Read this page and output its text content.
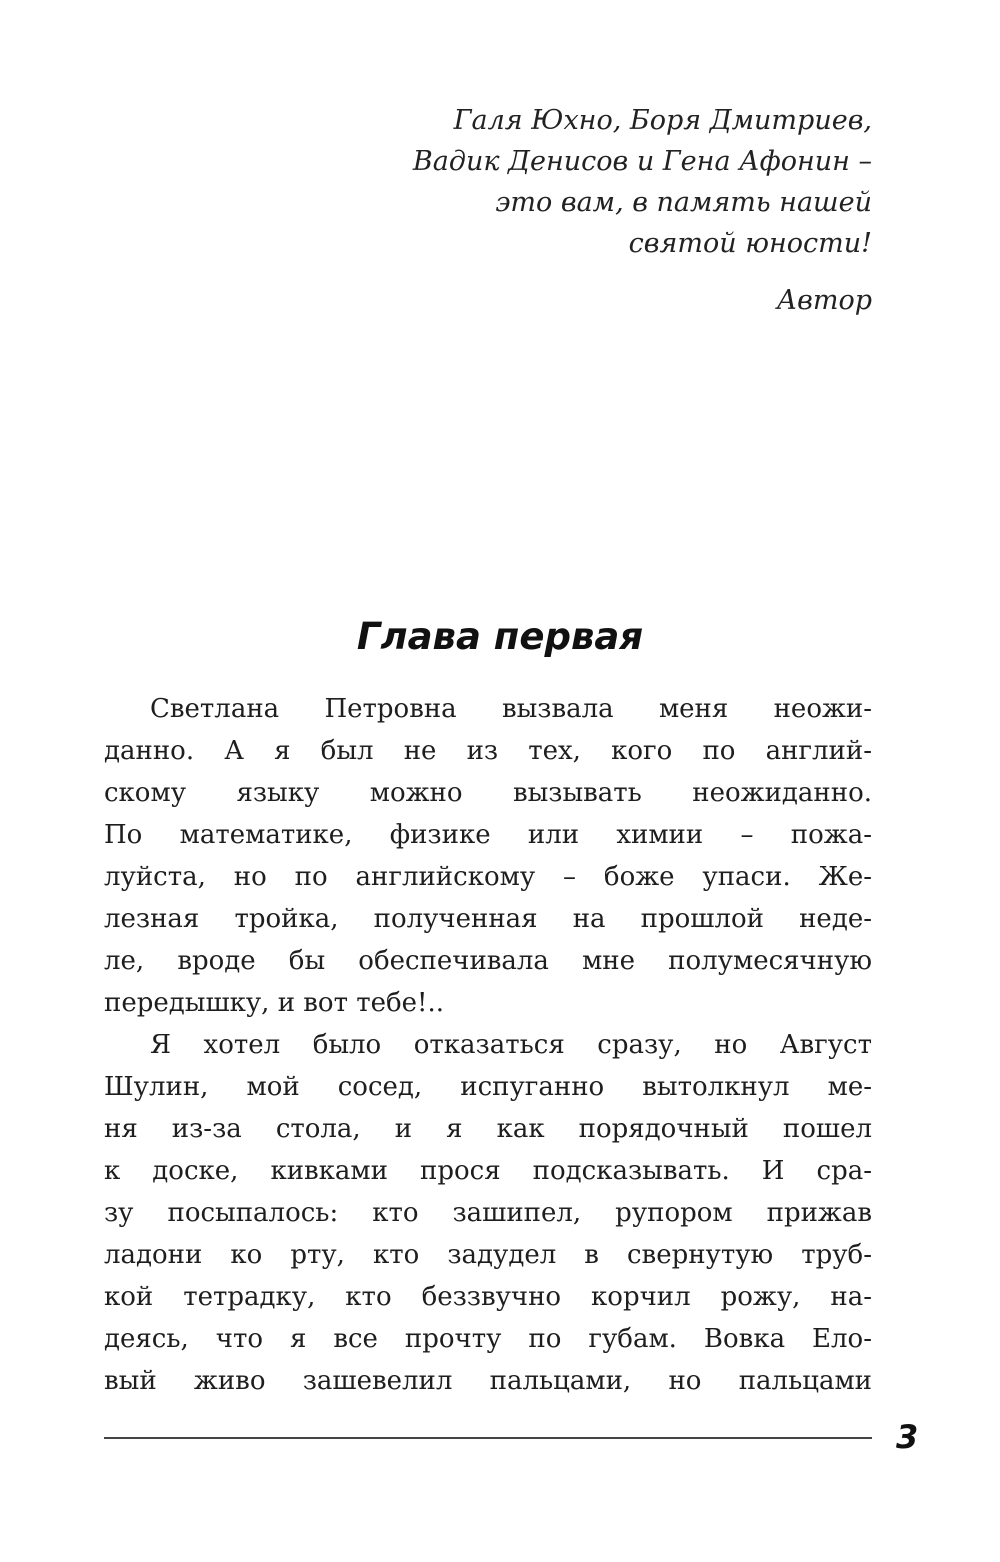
Галя Юхно, Боря Дмитриев,
Вадик Денисов и Гена Афонин –
это вам, в память нашей
святой юности!
Автор
Глава первая
Светлана Петровна вызвала меня неожи-
данно. А я был не из тех, кого по англий-
скому языку можно вызывать неожиданно.
По математике, физике или химии – пожа-
луйста, но по английскому – боже упаси. Же-
лезная тройка, полученная на прошлой неде-
ле, вроде бы обеспечивала мне полумесячную
передышку, и вот тебе!..
Я хотел было отказаться сразу, но Август
Шулин, мой сосед, испуганно вытолкнул ме-
ня из-за стола, и я как порядочный пошел
к доске, кивками прося подсказывать. И сра-
зу посыпалось: кто зашипел, рупором прижав
ладони ко рту, кто задудел в свернутую труб-
кой тетрадку, кто беззвучно корчил рожу, на-
деясь, что я все прочту по губам. Вовка Ело-
вый живо зашевелил пальцами, но пальцами
3
